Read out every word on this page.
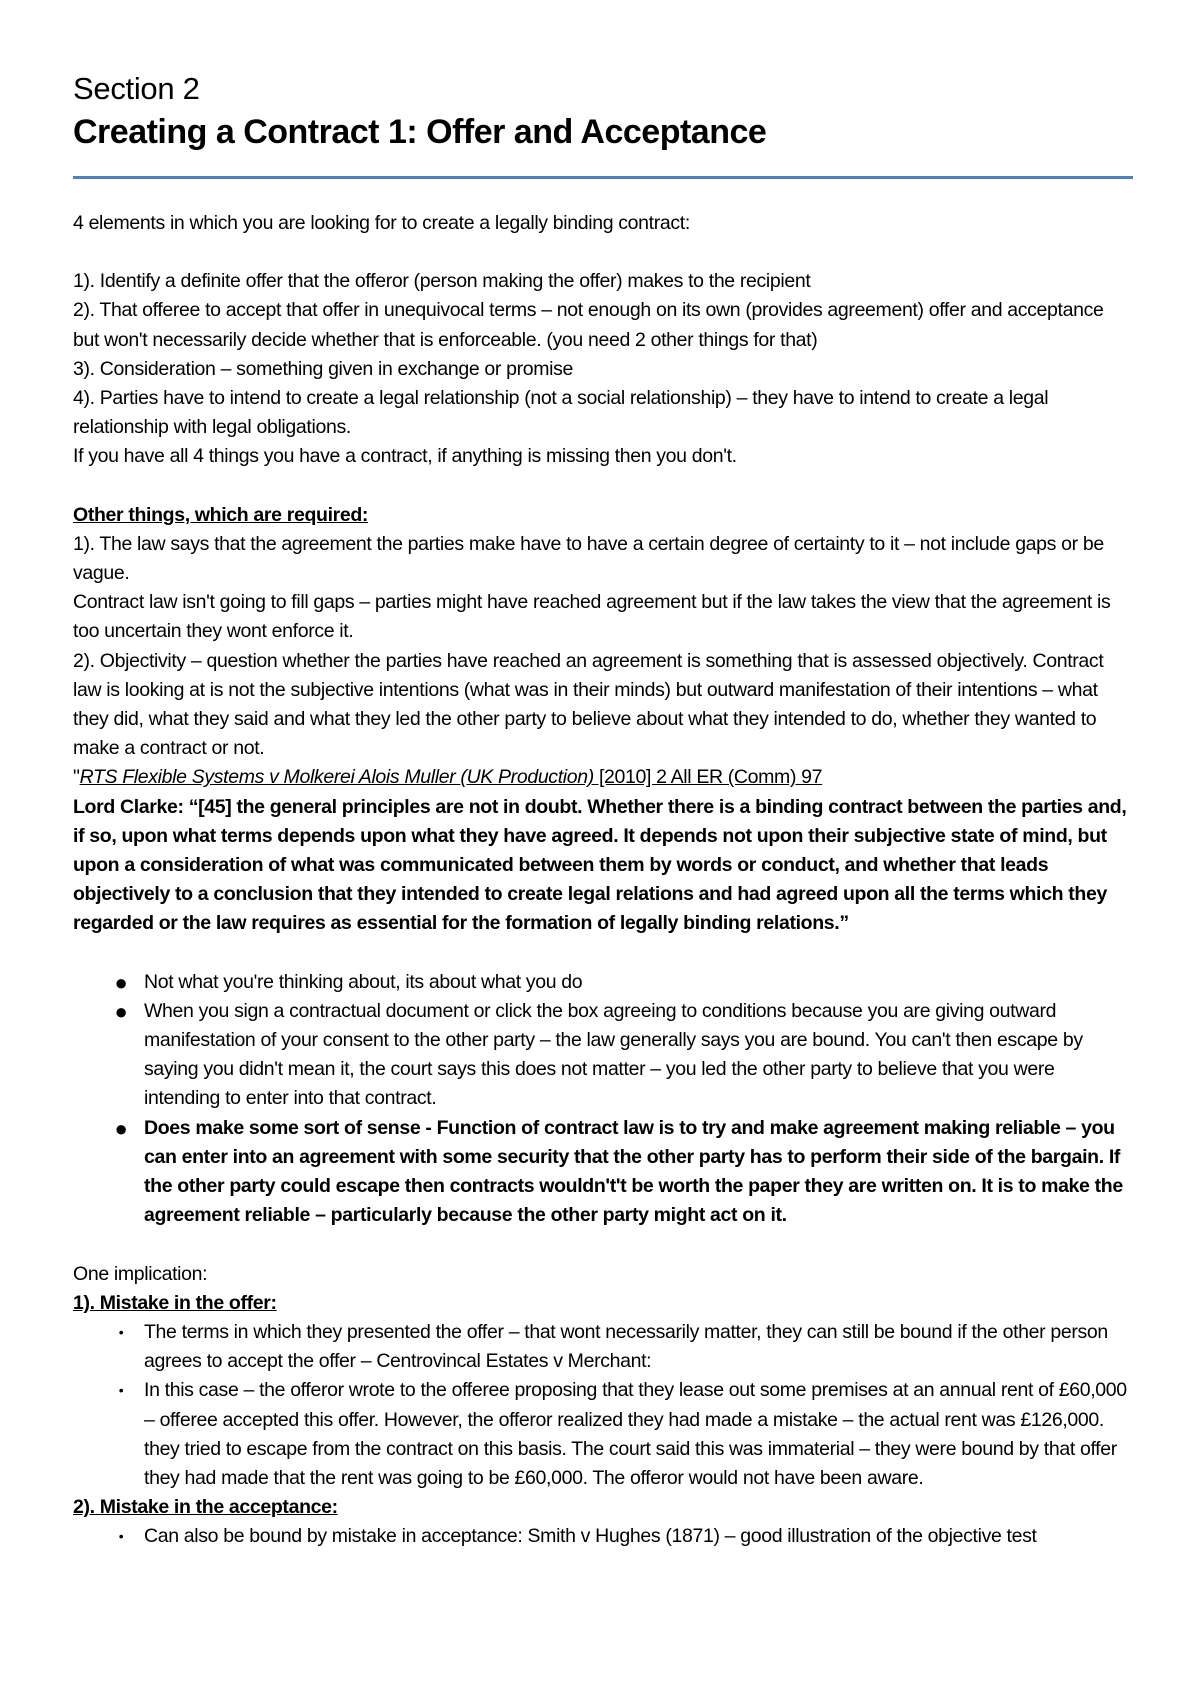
Section 2
Creating a Contract 1: Offer and Acceptance

4 elements in which you are looking for to create a legally binding contract:

1). Identify a definite offer that the offeror (person making the offer) makes to the recipient

2). That offeree to accept that offer in unequivocal terms – not enough on its own (provides agreement) offer and acceptance but won't necessarily decide whether that is enforceable. (you need 2 other things for that)

3). Consideration – something given in exchange or promise

4). Parties have to intend to create a legal relationship (not a social relationship) – they have to intend to create a legal relationship with legal obligations.

If you have all 4 things you have a contract, if anything is missing then you don't.

Other things, which are required:

1). The law says that the agreement the parties make have to have a certain degree of certainty to it – not include gaps or be vague.

Contract law isn't going to fill gaps – parties might have reached agreement but if the law takes the view that the agreement is too uncertain they wont enforce it.

2). Objectivity – question whether the parties have reached an agreement is something that is assessed objectively. Contract law is looking at is not the subjective intentions (what was in their minds) but outward manifestation of their intentions – what they did, what they said and what they led the other party to believe about what they intended to do, whether they wanted to make a contract or not.

"RTS Flexible Systems v Molkerei Alois Muller (UK Production) [2010] 2 All ER (Comm) 97

Lord Clarke: “[45] the general principles are not in doubt. Whether there is a binding contract between the parties and, if so, upon what terms depends upon what they have agreed. It depends not upon their subjective state of mind, but upon a consideration of what was communicated between them by words or conduct, and whether that leads objectively to a conclusion that they intended to create legal relations and had agreed upon all the terms which they regarded or the law requires as essential for the formation of legally binding relations.”

● Not what you're thinking about, its about what you do
● When you sign a contractual document or click the box agreeing to conditions because you are giving outward manifestation of your consent to the other party – the law generally says you are bound. You can't then escape by saying you didn't mean it, the court says this does not matter – you led the other party to believe that you were intending to enter into that contract.
● Does make some sort of sense - Function of contract law is to try and make agreement making reliable – you can enter into an agreement with some security that the other party has to perform their side of the bargain. If the other party could escape then contracts wouldn't't be worth the paper they are written on. It is to make the agreement reliable – particularly because the other party might act on it.

One implication:

1). Mistake in the offer:

•	The terms in which they presented the offer – that wont necessarily matter, they can still be bound if the other person agrees to accept the offer – Centrovincal Estates v Merchant:
•	In this case – the offeror wrote to the offeree proposing that they lease out some premises at an annual rent of £60,000 – offeree accepted this offer. However, the offeror realized they had made a mistake – the actual rent was £126,000. they tried to escape from the contract on this basis. The court said this was immaterial – they were bound by that offer they had made that the rent was going to be £60,000. The offeror would not have been aware.

2). Mistake in the acceptance:

•	Can also be bound by mistake in acceptance: Smith v Hughes (1871) – good illustration of the objective test
